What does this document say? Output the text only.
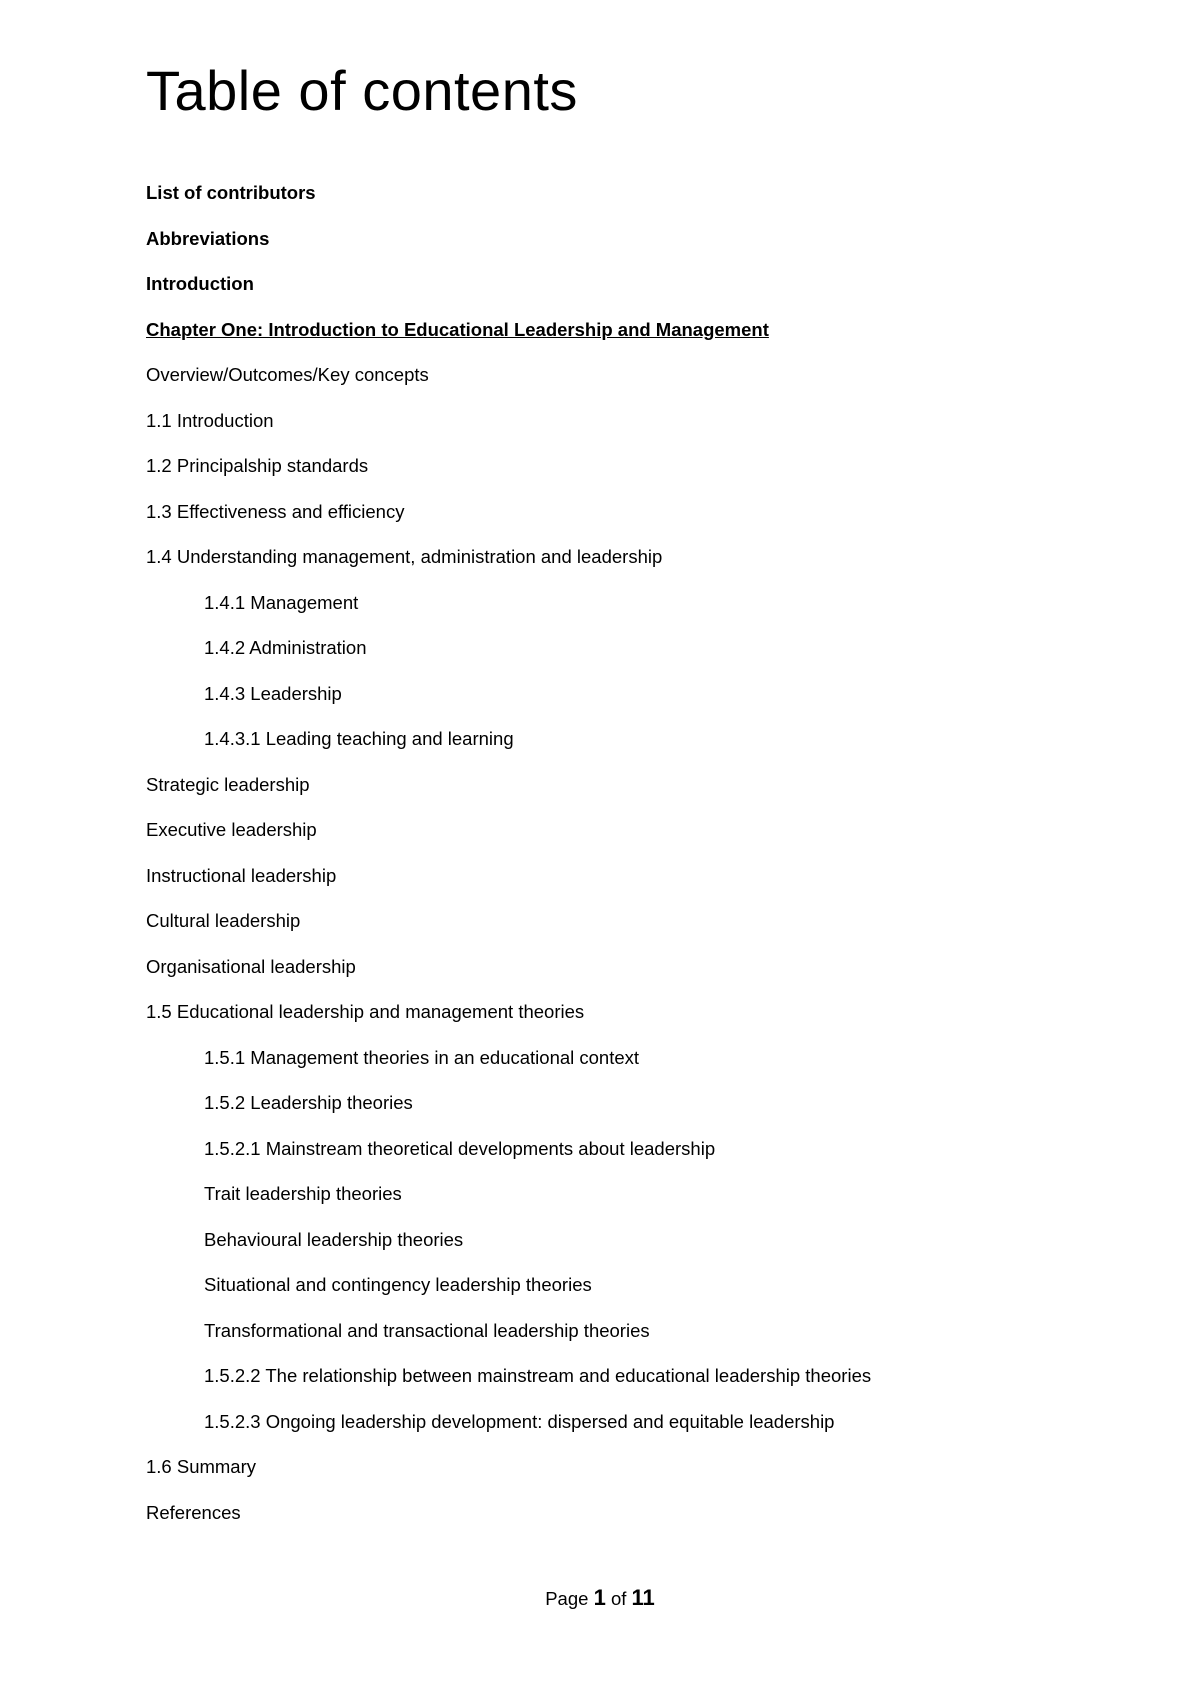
Table of contents
List of contributors
Abbreviations
Introduction
Chapter One: Introduction to Educational Leadership and Management
Overview/Outcomes/Key concepts
1.1 Introduction
1.2 Principalship standards
1.3 Effectiveness and efficiency
1.4 Understanding management, administration and leadership
1.4.1 Management
1.4.2 Administration
1.4.3 Leadership
1.4.3.1 Leading teaching and learning
Strategic leadership
Executive leadership
Instructional leadership
Cultural leadership
Organisational leadership
1.5 Educational leadership and management theories
1.5.1 Management theories in an educational context
1.5.2 Leadership theories
1.5.2.1 Mainstream theoretical developments about leadership
Trait leadership theories
Behavioural leadership theories
Situational and contingency leadership theories
Transformational and transactional leadership theories
1.5.2.2 The relationship between mainstream and educational leadership theories
1.5.2.3 Ongoing leadership development: dispersed and equitable leadership
1.6 Summary
References
Page 1 of 11
